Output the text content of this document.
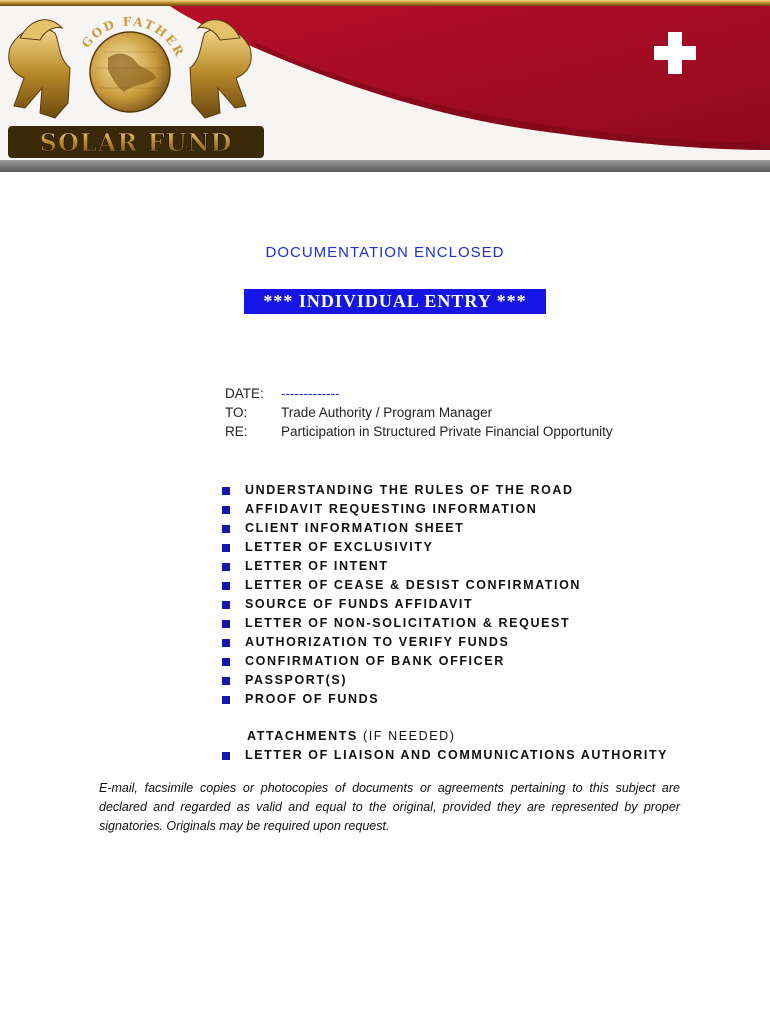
GOD FATHER
SOLAR FUND
DOCUMENTATION ENCLOSED
*** INDIVIDUAL ENTRY ***
DATE:	-------------
TO:	Trade Authority / Program Manager
RE:	Participation in Structured Private Financial Opportunity
UNDERSTANDING THE RULES OF THE ROAD
AFFIDAVIT REQUESTING INFORMATION
CLIENT INFORMATION SHEET
LETTER OF EXCLUSIVITY
LETTER OF INTENT
LETTER OF CEASE & DESIST CONFIRMATION
SOURCE OF FUNDS AFFIDAVIT
LETTER OF NON-SOLICITATION & REQUEST
AUTHORIZATION TO VERIFY FUNDS
CONFIRMATION OF BANK OFFICER
PASSPORT(S)
PROOF OF FUNDS
ATTACHMENTS (IF NEEDED)
LETTER OF LIAISON AND COMMUNICATIONS AUTHORITY
E-mail, facsimile copies or photocopies of documents or agreements pertaining to this subject are declared and regarded as valid and equal to the original, provided they are represented by proper signatories. Originals may be required upon request.
